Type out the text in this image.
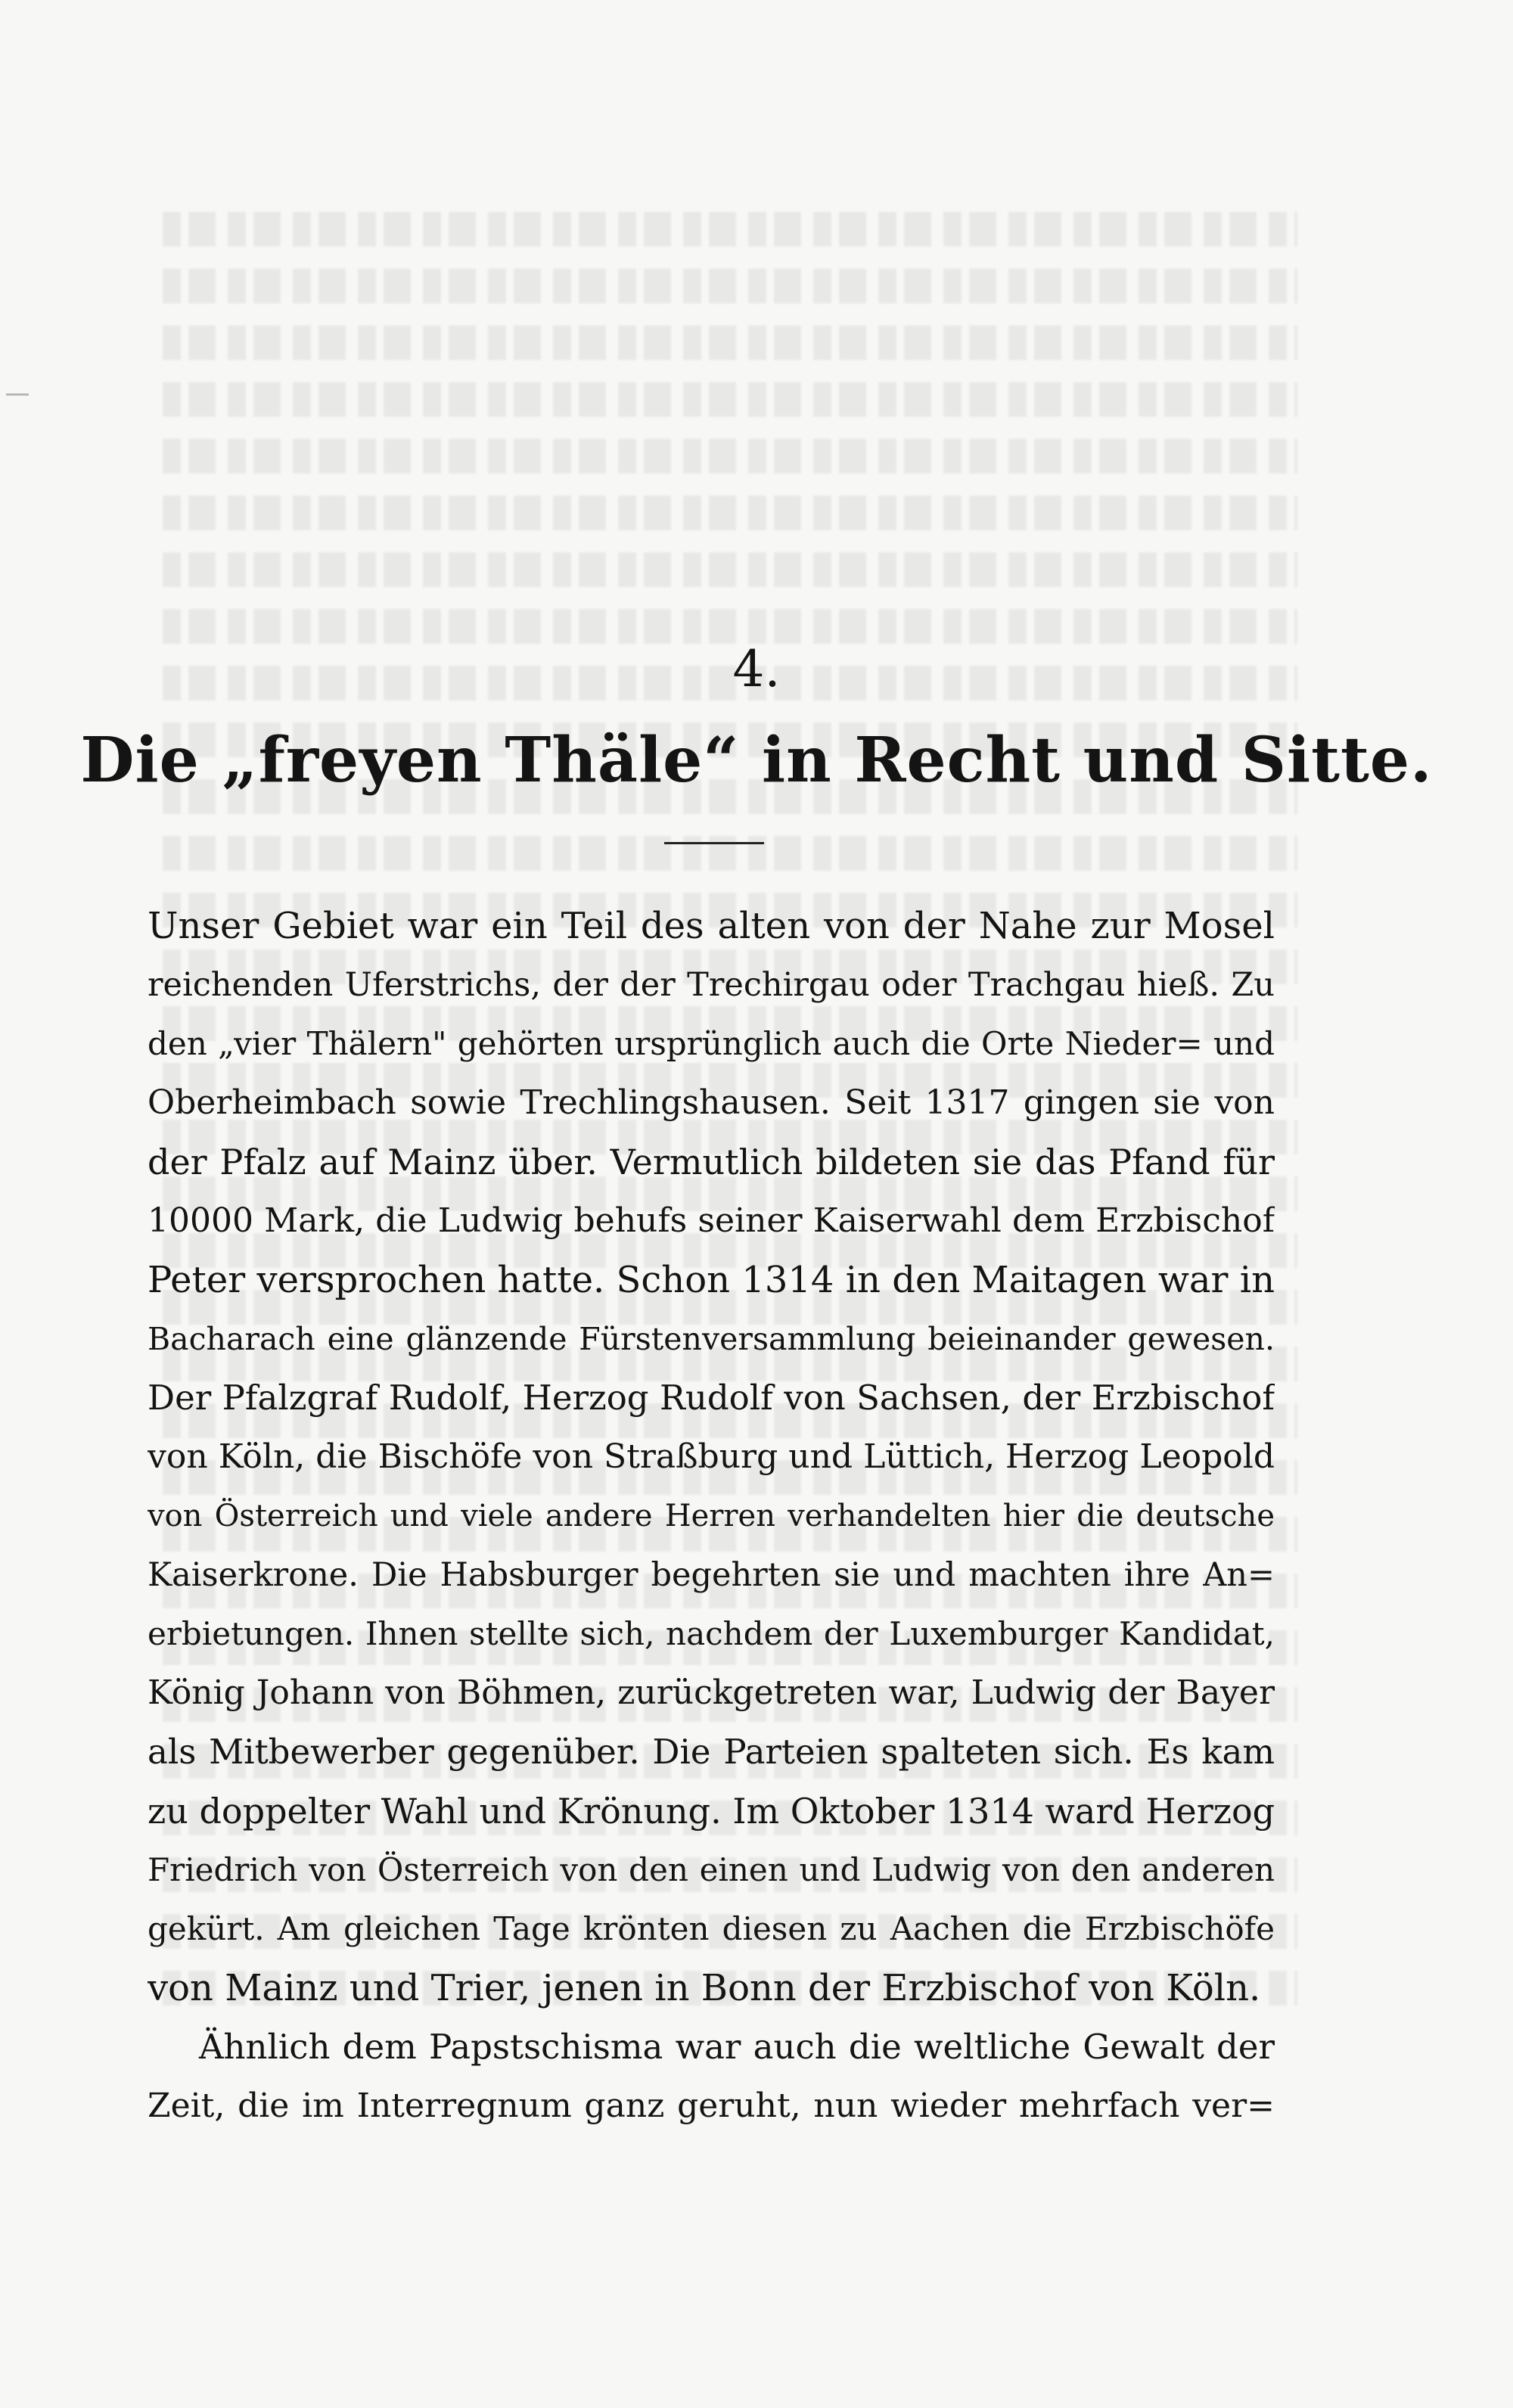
4.
Die „freyen Thäle“ in Recht und Sitte.
Unser Gebiet war ein Teil des alten von der Nahe zur Mosel
reichenden Uferstrichs, der der Trechirgau oder Trachgau hieß. Zu
den „vier Thälern" gehörten ursprünglich auch die Orte Nieder= und
Oberheimbach sowie Trechlingshausen. Seit 1317 gingen sie von
der Pfalz auf Mainz über. Vermutlich bildeten sie das Pfand für
10000 Mark, die Ludwig behufs seiner Kaiserwahl dem Erzbischof
Peter versprochen hatte. Schon 1314 in den Maitagen war in
Bacharach eine glänzende Fürstenversammlung beieinander gewesen.
Der Pfalzgraf Rudolf, Herzog Rudolf von Sachsen, der Erzbischof
von Köln, die Bischöfe von Straßburg und Lüttich, Herzog Leopold
von Österreich und viele andere Herren verhandelten hier die deutsche
Kaiserkrone. Die Habsburger begehrten sie und machten ihre An=
erbietungen. Ihnen stellte sich, nachdem der Luxemburger Kandidat,
König Johann von Böhmen, zurückgetreten war, Ludwig der Bayer
als Mitbewerber gegenüber. Die Parteien spalteten sich. Es kam
zu doppelter Wahl und Krönung. Im Oktober 1314 ward Herzog
Friedrich von Österreich von den einen und Ludwig von den anderen
gekürt. Am gleichen Tage krönten diesen zu Aachen die Erzbischöfe
von Mainz und Trier, jenen in Bonn der Erzbischof von Köln.
Ähnlich dem Papstschisma war auch die weltliche Gewalt der
Zeit, die im Interregnum ganz geruht, nun wieder mehrfach ver=
